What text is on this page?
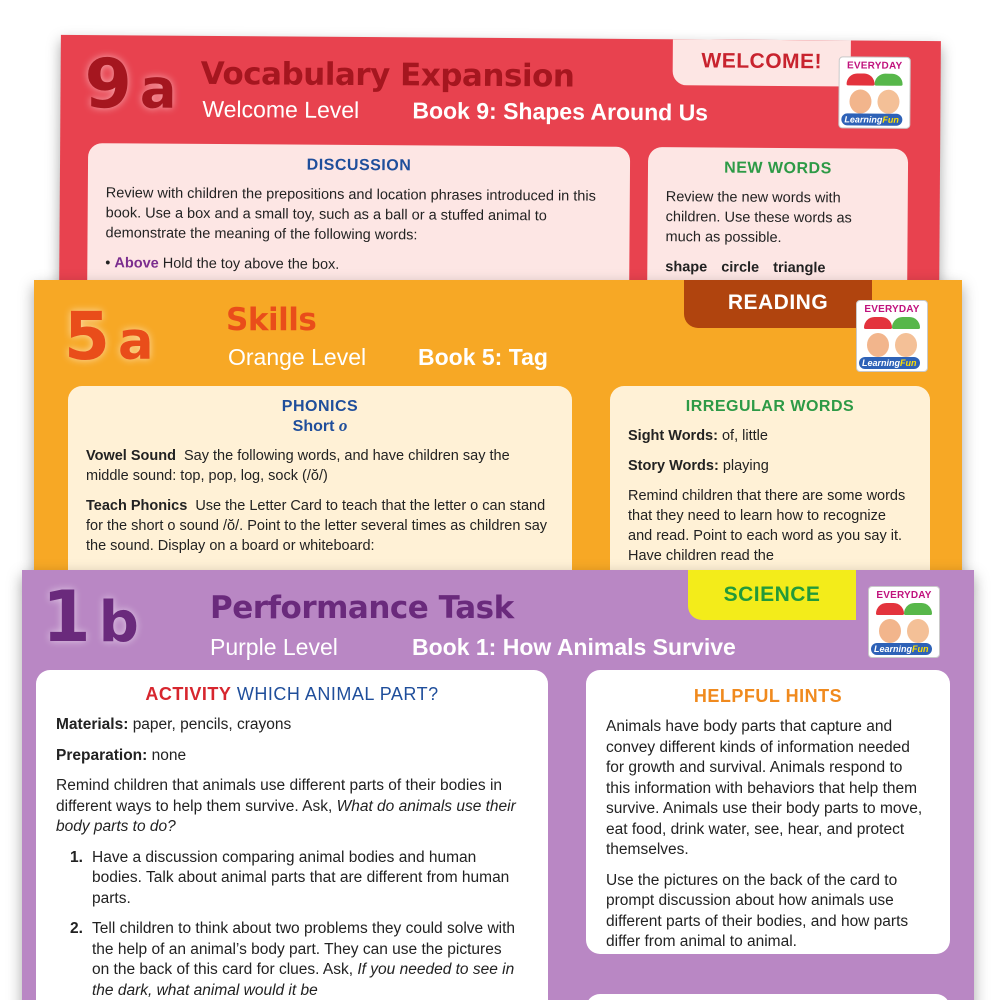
9 a Vocabulary Expansion
Welcome Level Book 9: Shapes Around Us
WELCOME!	EVERYDAY
LearningFun
DISCUSSION

Review with children the prepositions and location phrases introduced in this book. Use a box and a small toy, such as a ball or a stuffed animal to demonstrate the meaning of the following words:

• Above Hold the toy above the box.

NEW WORDS

Review the new words with children. Use these words as much as possible.

shape circle triangle
5 a Skills
Orange Level Book 5: Tag
READING	EVERYDAY
LearningFun
PHONICS
Short o

Vowel Sound Say the following words, and have children say the middle sound: top, pop, log, sock (/ŏ/)

Teach Phonics Use the Letter Card to teach that the letter o can stand for the short o sound /ŏ/. Point to the letter several times as children say the sound. Display on a board or whiteboard:

IRREGULAR WORDS

Sight Words: of, little

Story Words: playing

Remind children that there are some words that they need to learn how to recognize and read. Point to each word as you say it. Have children read the

1 b Performance Task
Purple Level	Book 1: How Animals Survive
SCIENCE	EVERYDAY
LearningFun
ACTIVITY WHICH ANIMAL PART?

Materials: paper, pencils, crayons

Preparation: none

Remind children that animals use different parts of their bodies in different ways to help them survive. Ask, What do animals use their body parts to do?

1. Have a discussion comparing animal bodies and human bodies. Talk about animal parts that are different from human parts.
2. Tell children to think about two problems they could solve with the help of an animal’s body part. They can use the pictures on the back of this card for clues. Ask, If you needed to see in the dark, what animal would it be
HELPFUL HINTS

Animals have body parts that capture and convey different kinds of information needed for growth and survival. Animals respond to this information with behaviors that help them survive. Animals use their body parts to move, eat food, drink water, see, hear, and protect themselves.

Use the pictures on the back of the card to prompt discussion about how animals use different parts of their bodies, and how parts differ from animal to animal.
